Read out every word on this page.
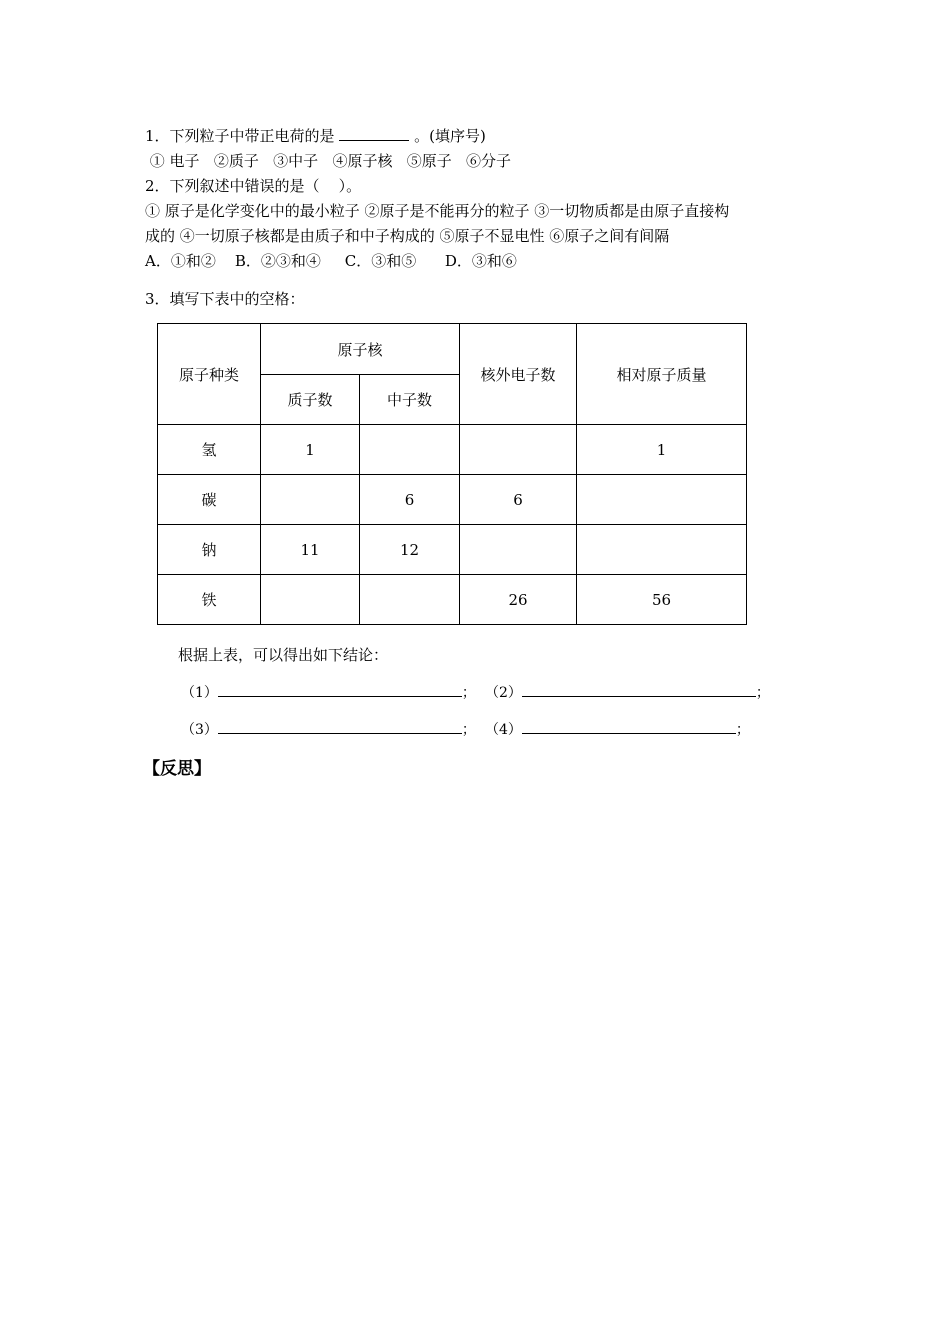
1．下列粒子中带正电荷的是	。(填序号)
① 电子   ②质子   ③中子   ④原子核   ⑤原子   ⑥分子
2．下列叙述中错误的是（    ）。
① 原子是化学变化中的最小粒子 ②原子是不能再分的粒子 ③一切物质都是由原子直接构
成的 ④一切原子核都是由质子和中子构成的 ⑤原子不显电性 ⑥原子之间有间隔
A．①和②    B．②③和④     C．③和⑤      D．③和⑥
3．填写下表中的空格：
原子种类	原子核		核外电子数	相对原子质量
	质子数	中子数		
氢	1			1
碳		6	6	
钠	11	12		
铁			26	56
根据上表，可以得出如下结论：
（1）	； （2）	；
（3）	； （4）	；
【反思】
